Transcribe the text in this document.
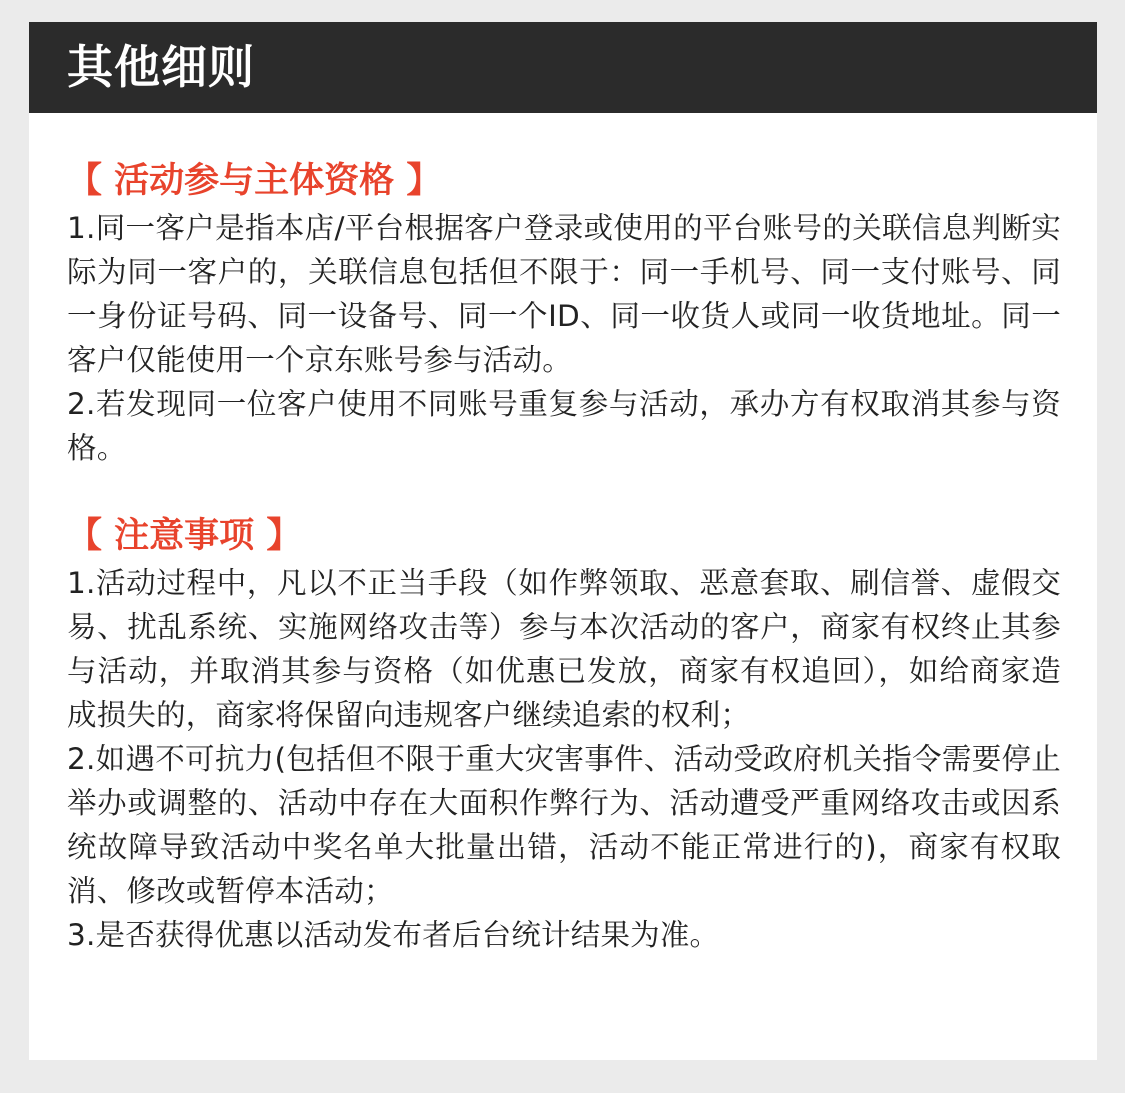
其他细则
【 活动参与主体资格 】

1.同一客户是指本店/平台根据客户登录或使用的平台账号的关联信息判断实际为同一客户的，关联信息包括但不限于：同一手机号、同一支付账号、同一身份证号码、同一设备号、同一个ID、同一收货人或同一收货地址。同一客户仅能使用一个京东账号参与活动。

2.若发现同一位客户使用不同账号重复参与活动，承办方有权取消其参与资格。

【 注意事项 】

1.活动过程中，凡以不正当手段（如作弊领取、恶意套取、刷信誉、虚假交易、扰乱系统、实施网络攻击等）参与本次活动的客户，商家有权终止其参与活动，并取消其参与资格（如优惠已发放，商家有权追回），如给商家造成损失的，商家将保留向违规客户继续追索的权利；

2.如遇不可抗力(包括但不限于重大灾害事件、活动受政府机关指令需要停止举办或调整的、活动中存在大面积作弊行为、活动遭受严重网络攻击或因系统故障导致活动中奖名单大批量出错，活动不能正常进行的)，商家有权取消、修改或暂停本活动；

3.是否获得优惠以活动发布者后台统计结果为准。
